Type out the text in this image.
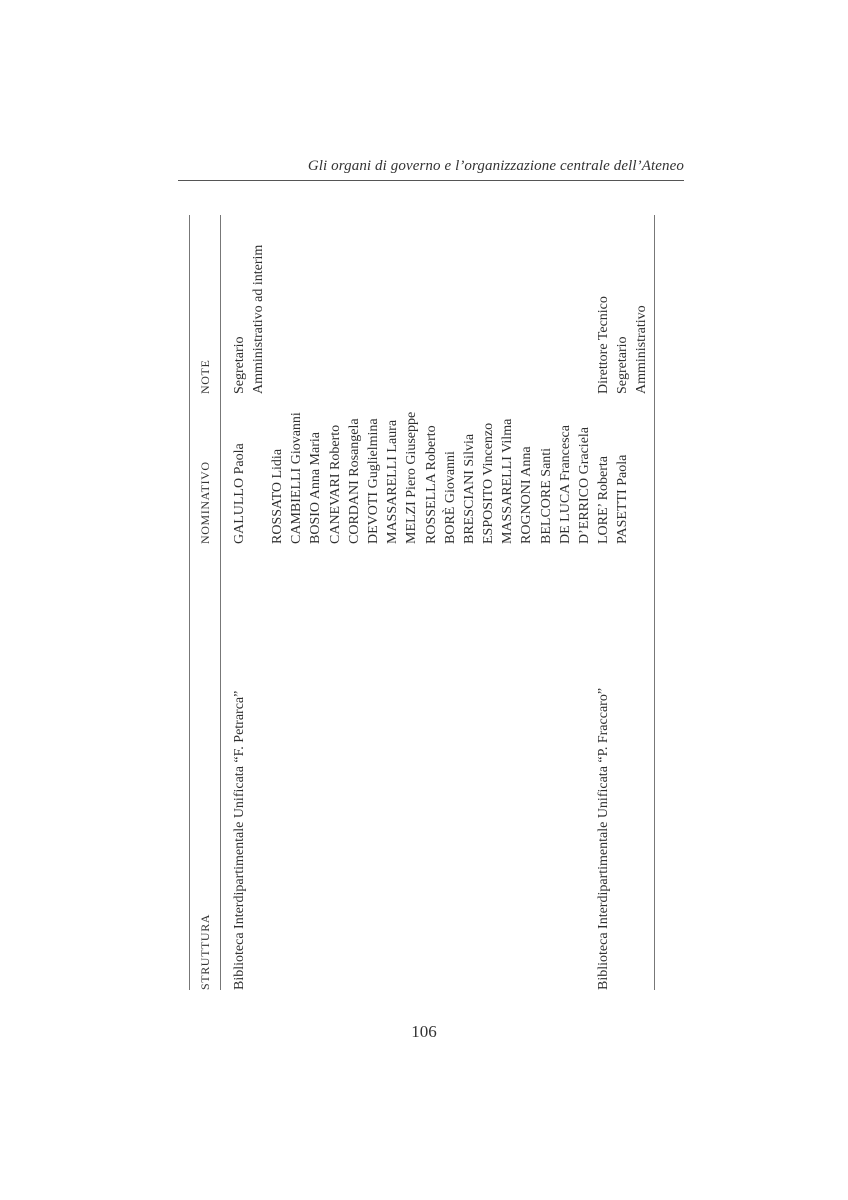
Gli organi di governo e l’organizzazione centrale dell’Ateneo
STRUTTURA
NOMINATIVO
NOTE
Biblioteca Interdipartimentale Unificata “F. Petrarca”
GALULLO Paola
Segretario Amministrativo ad interim
ROSSATO Lidia CAMBIELLI Giovanni BOSIO Anna Maria CANEVARI Roberto CORDANI Rosangela DEVOTI Guglielmina MASSARELLI Laura MELZI Piero Giuseppe ROSSELLA Roberto BORÈ Giovanni BRESCIANI Silvia ESPOSITO Vincenzo MASSARELLI Vilma ROGNONI Anna BELCORE Santi DE LUCA Francesca D’ERRICO Graciela
Biblioteca Interdipartimentale Unificata “P. Fraccaro”
LORE’ Roberta PASETTI Paola
Direttore Tecnico Segretario Amministrativo
106
